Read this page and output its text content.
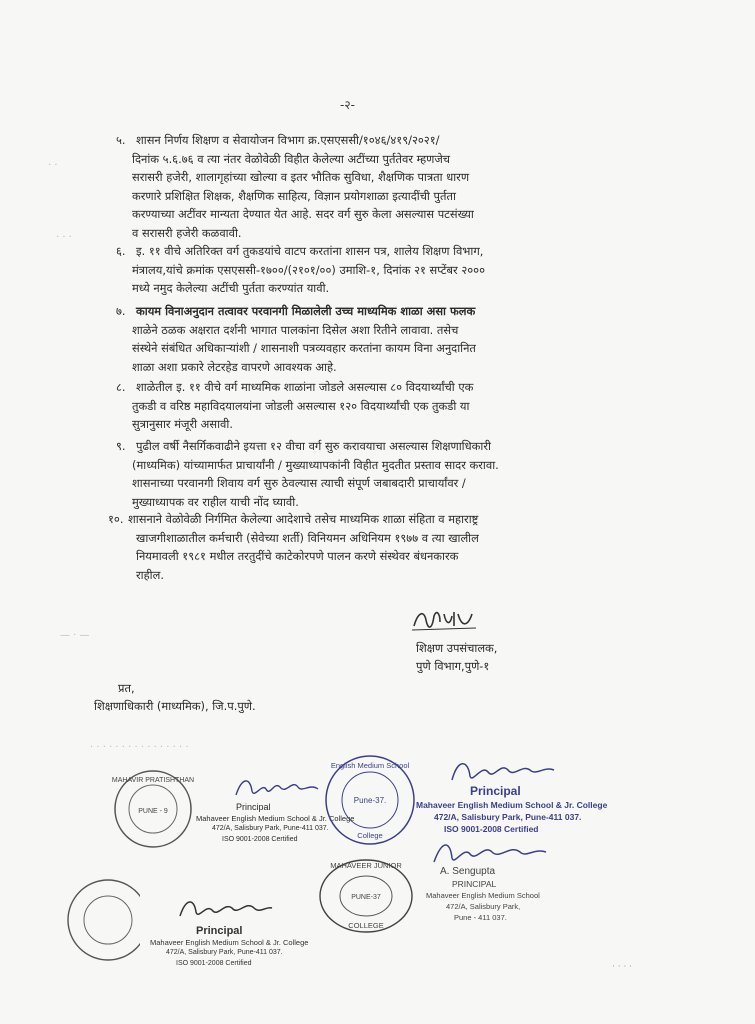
-२-
५. शासन निर्णय शिक्षण व सेवायोजन विभाग क्र.एसएससी/१०४६/४१९/२०२१/
दिनांक ५.६.७६ व त्या नंतर वेळोवेळी विहीत केलेल्या अटींच्या पुर्ततेवर म्हणजेच
सरासरी हजेरी, शालागृहांच्या खोल्या व इतर भौतिक सुविधा, शैक्षणिक पात्रता धारण
करणारे प्रशिक्षित शिक्षक, शैक्षणिक साहित्य, विज्ञान प्रयोगशाळा इत्यादींची पुर्तता
करण्याच्या अटींवर मान्यता देण्यात येत आहे. सदर वर्ग सुरु केला असल्यास पटसंख्या
व सरासरी हजेरी कळवावी.
६. इ. ११ वीचे अतिरिक्त वर्ग तुकडयांचे वाटप करतांना शासन पत्र, शालेय शिक्षण विभाग,
मंत्रालय,यांचे क्रमांक एसएससी-१७००/(२१०१/००) उमाशि-१, दिनांक २१ सप्टेंबर २०००
मध्ये नमुद केलेल्या अटींची पुर्तता करण्यांत यावी.
७. कायम विनाअनुदान तत्वावर परवानगी मिळालेली उच्च माध्यमिक शाळा असा फलक
शाळेने ठळक अक्षरात दर्शनी भागात पालकांना दिसेल अशा रितीने लावावा. तसेच
संस्थेने संबंधित अधिकाऱ्यांशी / शासनाशी पत्रव्यवहार करतांना कायम विना अनुदानित
शाळा अशा प्रकारे लेटरहेड वापरणे आवश्यक आहे.
८. शाळेतील इ. ११ वीचे वर्ग माध्यमिक शाळांना जोडले असल्यास ८० विदयार्थ्यांची एक
तुकडी व वरिष्ठ महाविदयालयांना जोडली असल्यास १२० विदयार्थ्यांची एक तुकडी या
सुत्रानुसार मंजूरी असावी.
९. पुढील वर्षी नैसर्गिकवाढीने इयत्ता १२ वीचा वर्ग सुरु करावयाचा असल्यास शिक्षणाधिकारी
(माध्यमिक) यांच्यामार्फत प्राचार्यांनी / मुख्याध्यापकांनी विहीत मुदतीत प्रस्ताव सादर करावा.
शासनाच्या परवानगी शिवाय वर्ग सुरु ठेवल्यास त्याची संपूर्ण जबाबदारी प्राचार्यांवर /
मुख्याध्यापक वर राहील याची नोंद घ्यावी.
१०. शासनाने वेळोवेळी निर्गमित केलेल्या आदेशाचे तसेच माध्यमिक शाळा संहिता व महाराष्ट्र
खाजगीशाळातील कर्मचारी (सेवेच्या शर्ती) विनियमन अधिनियम १९७७ व त्या खालील
नियमावली १९८१ मधील तरतुदींचे काटेकोरपणे पालन करणे संस्थेवर बंधनकारक
राहील.
· ·
· · ·
— · —
शिक्षण उपसंचालक,
पुणे विभाग,पुणे-१
प्रत,
शिक्षणाधिकारी (माध्यमिक), जि.प.पुणे.
· · · · · · · · · · · · · · · ·
MAHAVIR PRATISHTHAN
PUNE - 9	Principal
Mahaveer English Medium School & Jr. College
472/A, Salisbury Park, Pune-411 037.
ISO 9001-2008 Certified
English Medium School
Pune-37.
College
Principal
Mahaveer English Medium School & Jr. College
472/A, Salisbury Park, Pune-411 037.
ISO 9001-2008 Certified
A. Sengupta
PRINCIPAL
Mahaveer English Medium School
472/A, Salisbury Park,
Pune - 411 037.
MAHAVEER JUNIOR
PUNE-37
COLLEGE
Principal
Mahaveer English Medium School & Jr. College
472/A, Salisbury Park, Pune-411 037.
ISO 9001-2008 Certified	· · · ·
